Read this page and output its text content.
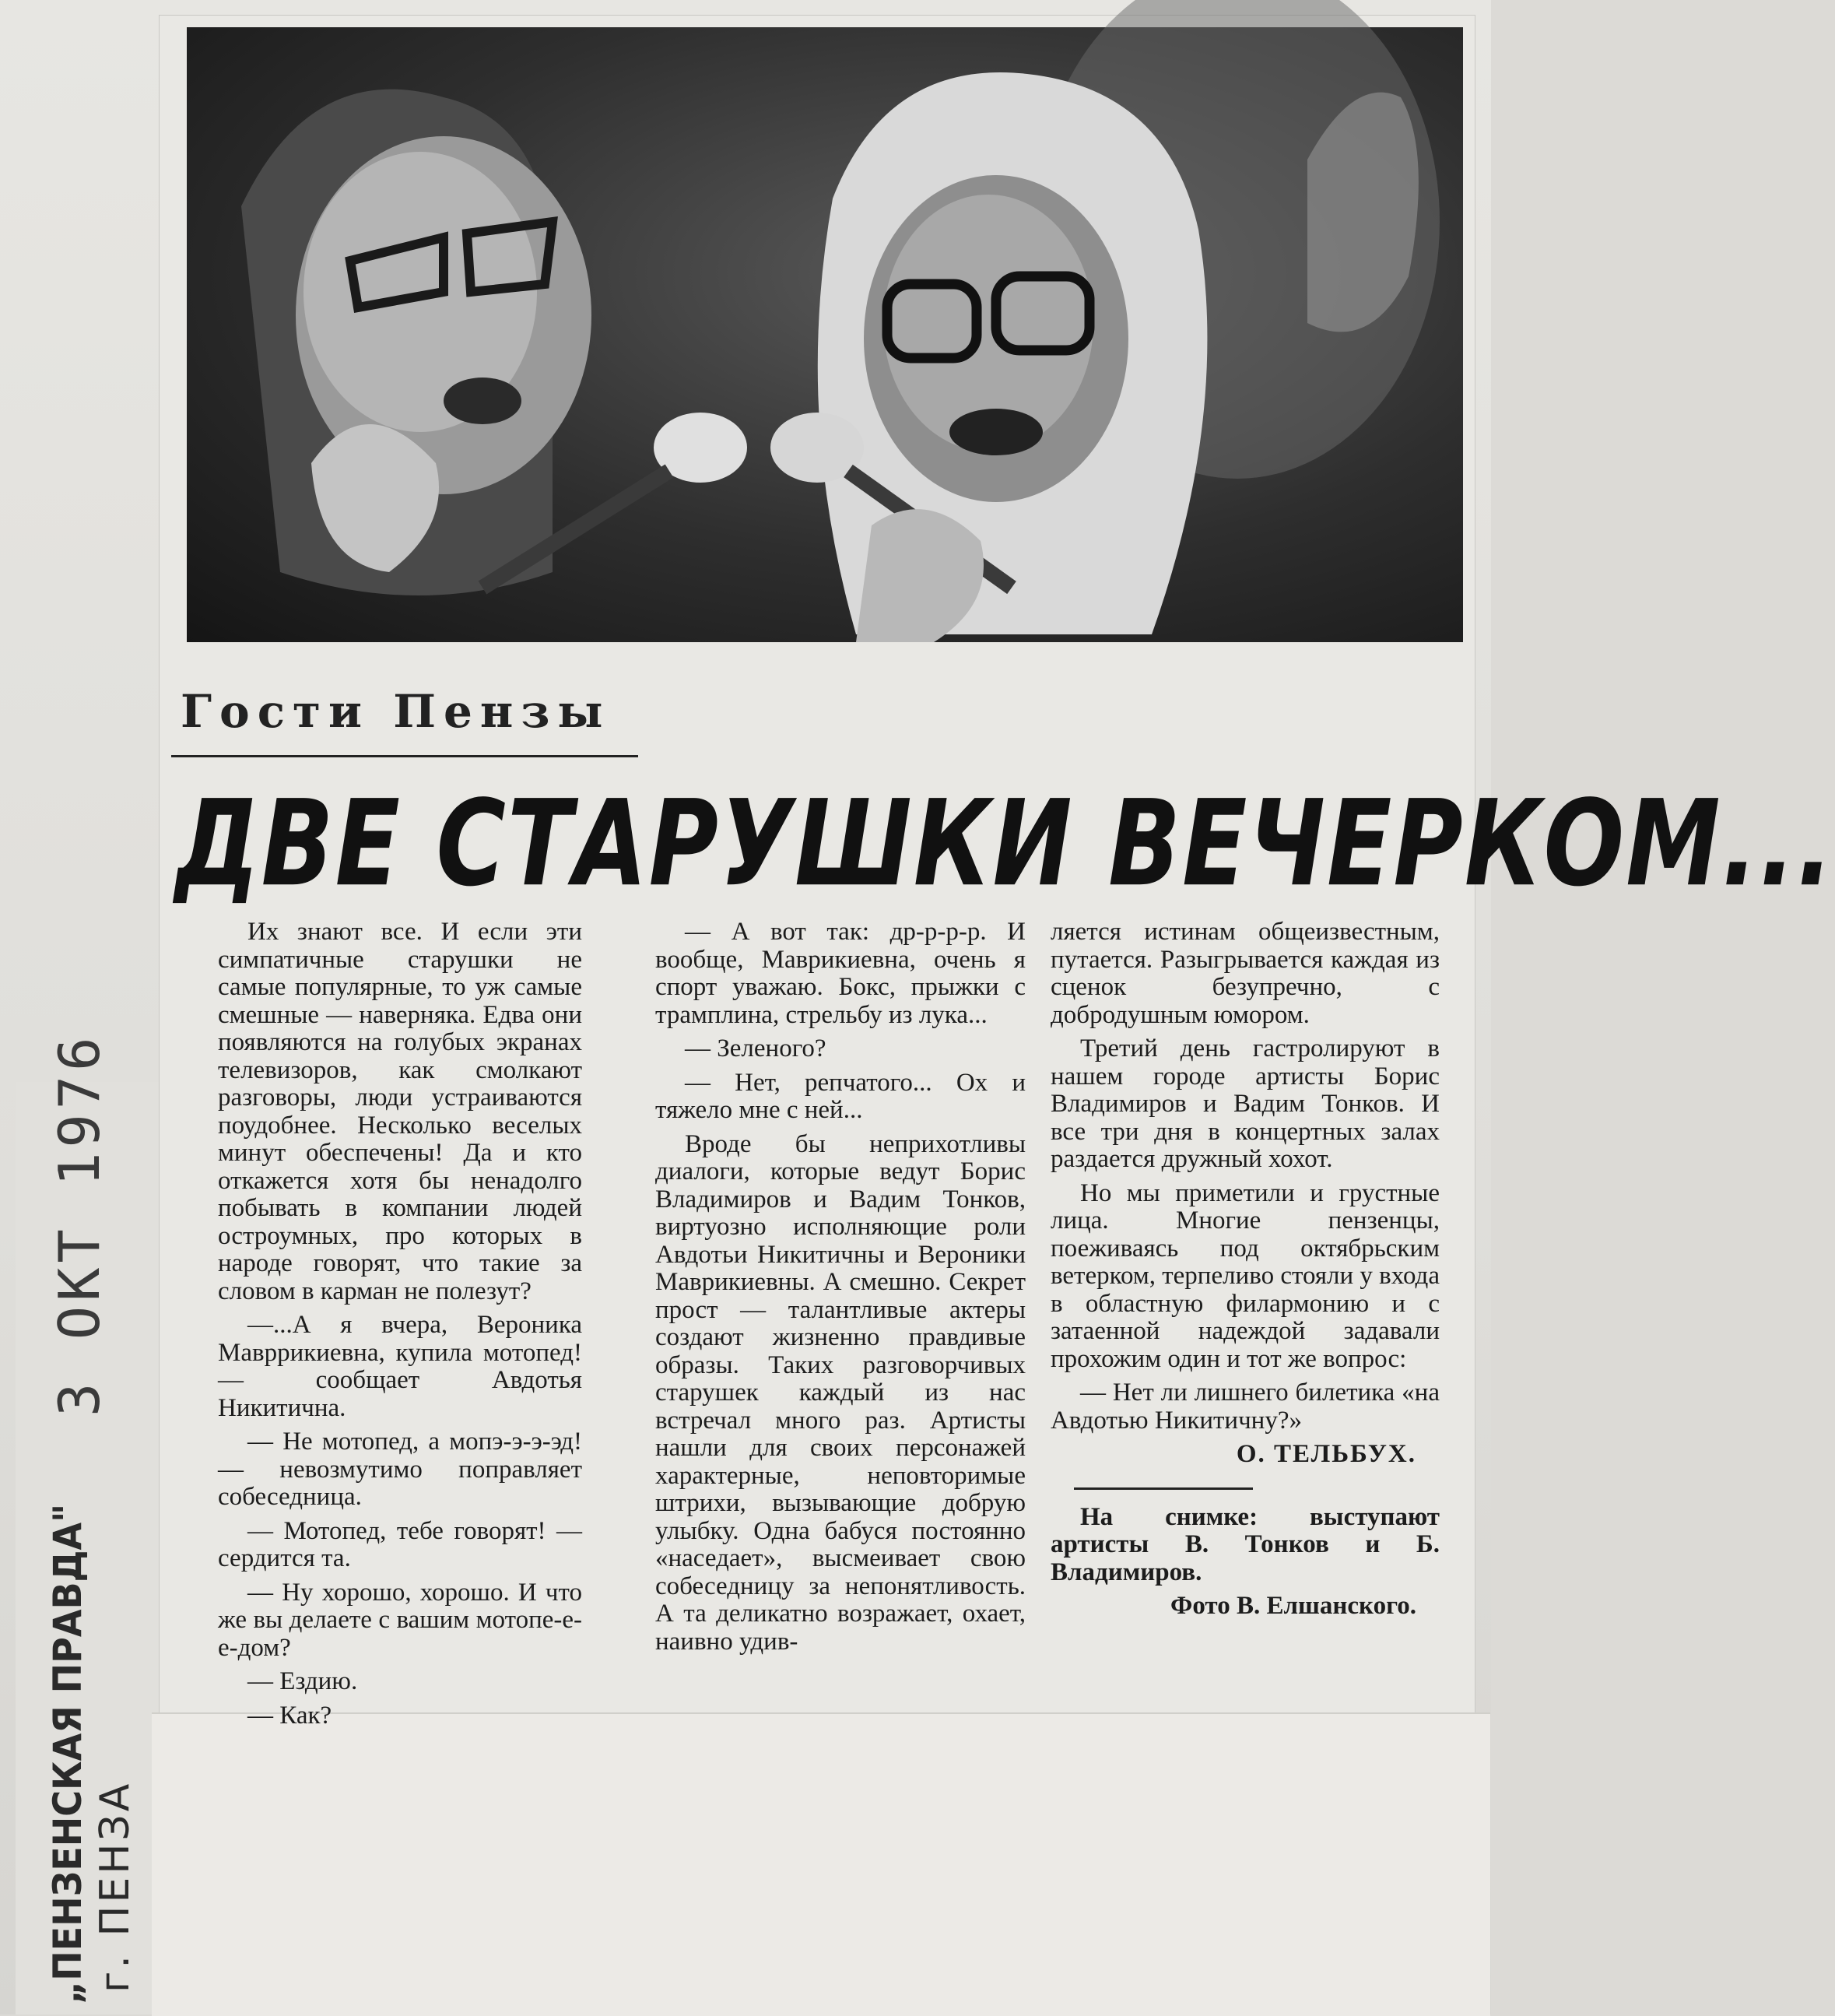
Гости Пензы
ДВЕ СТАРУШКИ ВЕЧЕРКОМ...

Их знают все. И если эти симпатичные старушки не самые популярные, то уж самые смешные — наверняка. Едва они появляются на голубых экранах телевизоров, как смолкают разговоры, люди устраиваются поудобнее. Несколько веселых минут обеспечены! Да и кто откажется хотя бы ненадолго побывать в компании людей остроумных, про которых в народе говорят, что такие за словом в карман не полезут?

—...А я вчера, Вероника Мавррикиевна, купила мотопед! — сообщает Авдотья Никитична.

— Не мотопед, а мопэ-э-э-эд! — невозмутимо поправляет собеседница.

— Мотопед, тебе говорят! — сердится та.

— Ну хорошо, хорошо. И что же вы делаете с вашим мотопе-е-е-дом?

— Ездию.

— Как?

— А вот так: др-р-р-р. И вообще, Маврикиевна, очень я спорт уважаю. Бокс, прыжки с трамплина, стрельбу из лука...

— Зеленого?

— Нет, репчатого... Ох и тяжело мне с ней...

Вроде бы неприхотливы диалоги, которые ведут Борис Владимиров и Вадим Тонков, виртуозно исполняющие роли Авдотьи Никитичны и Вероники Маврикиевны. А смешно. Секрет прост — талантливые актеры создают жизненно правдивые образы. Таких разговорчивых старушек каждый из нас встречал много раз. Артисты нашли для своих персонажей характерные, неповторимые штрихи, вызывающие добрую улыбку. Одна бабуся постоянно «наседает», высмеивает свою собеседницу за непонятливость. А та деликатно возражает, охает, наивно удив-

ляется истинам общеизвестным, путается. Разыгрывается каждая из сценок безупречно, с добродушным юмором.

Третий день гастролируют в нашем городе артисты Борис Владимиров и Вадим Тонков. И все три дня в концертных залах раздается дружный хохот.

Но мы приметили и грустные лица. Многие пензенцы, поеживаясь под октябрьским ветерком, терпеливо стояли у входа в областную филармонию и с затаенной надеждой задавали прохожим один и тот же вопрос:

— Нет ли лишнего билетика «на Авдотью Никитичну?»

О. ТЕЛЬБУХ.

На снимке: выступают артисты В. Тонков и Б. Владимиров.

Фото В. Елшанского.

3 ОКТ 1976
„ПЕНЗЕНСКАЯ ПРАВДА" г. ПЕНЗА
